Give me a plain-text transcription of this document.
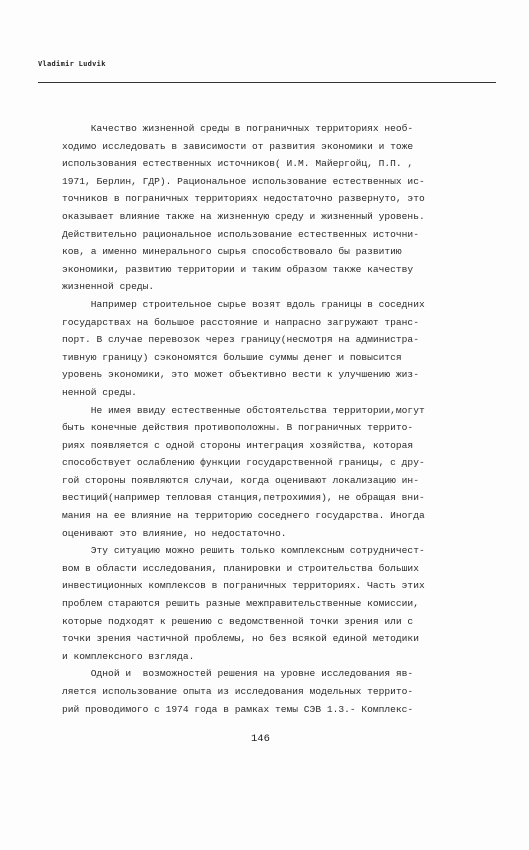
Vladimir Ludvik
Качество жизненной среды в пограничных территориях необ-
ходимо исследовать в зависимости от развития экономики и тоже
использования естественных источников( И.М. Майергойц, П.П. ,
1971, Берлин, ГДР). Рациональное использование естественных ис-
точников в пограничных территориях недостаточно развернуто, это
оказывает влияние также на жизненную среду и жизненный уровень.
Действительно рациональное использование естественных источни-
ков, а именно минерального сырья способствовало бы развитию
экономики, развитию территории и таким образом также качеству
жизненной среды.
Например строительное сырье возят вдоль границы в соседних
государствах на большое расстояние и напрасно загружают транс-
порт. В случае перевозок через границу(несмотря на администра-
тивную границу) сэкономятся большие суммы денег и повысится
уровень экономики, это может объективно вести к улучшению жиз-
ненной среды.
Не имея ввиду естественные обстоятельства территории,могут
быть конечные действия противоположны. В пограничных террито-
риях появляется с одной стороны интеграция хозяйства, которая
способствует ослаблению функции государственной границы, с дру-
гой стороны появляются случаи, когда оценивают локализацию ин-
вестиций(например тепловая станция,петрохимия), не обращая вни-
мания на ее влияние на территорию соседнего государства. Иногда
оценивают это влияние, но недостаточно.
Эту ситуацию можно решить только комплексным сотрудничест-
вом в области исследования, планировки и строительства больших
инвестиционных комплексов в пограничных территориях. Часть этих
проблем стараются решить разные межправительственные комиссии,
которые подходят к решению с ведомственной точки зрения или с
точки зрения частичной проблемы, но без всякой единой методики
и комплексного взгляда.
Одной и  возможностей решения на уровне исследования яв-
ляется использование опыта из исследования модельных террито-
рий проводимого с 1974 года в рамках темы СЭВ 1.3.- Комплекс-
146
